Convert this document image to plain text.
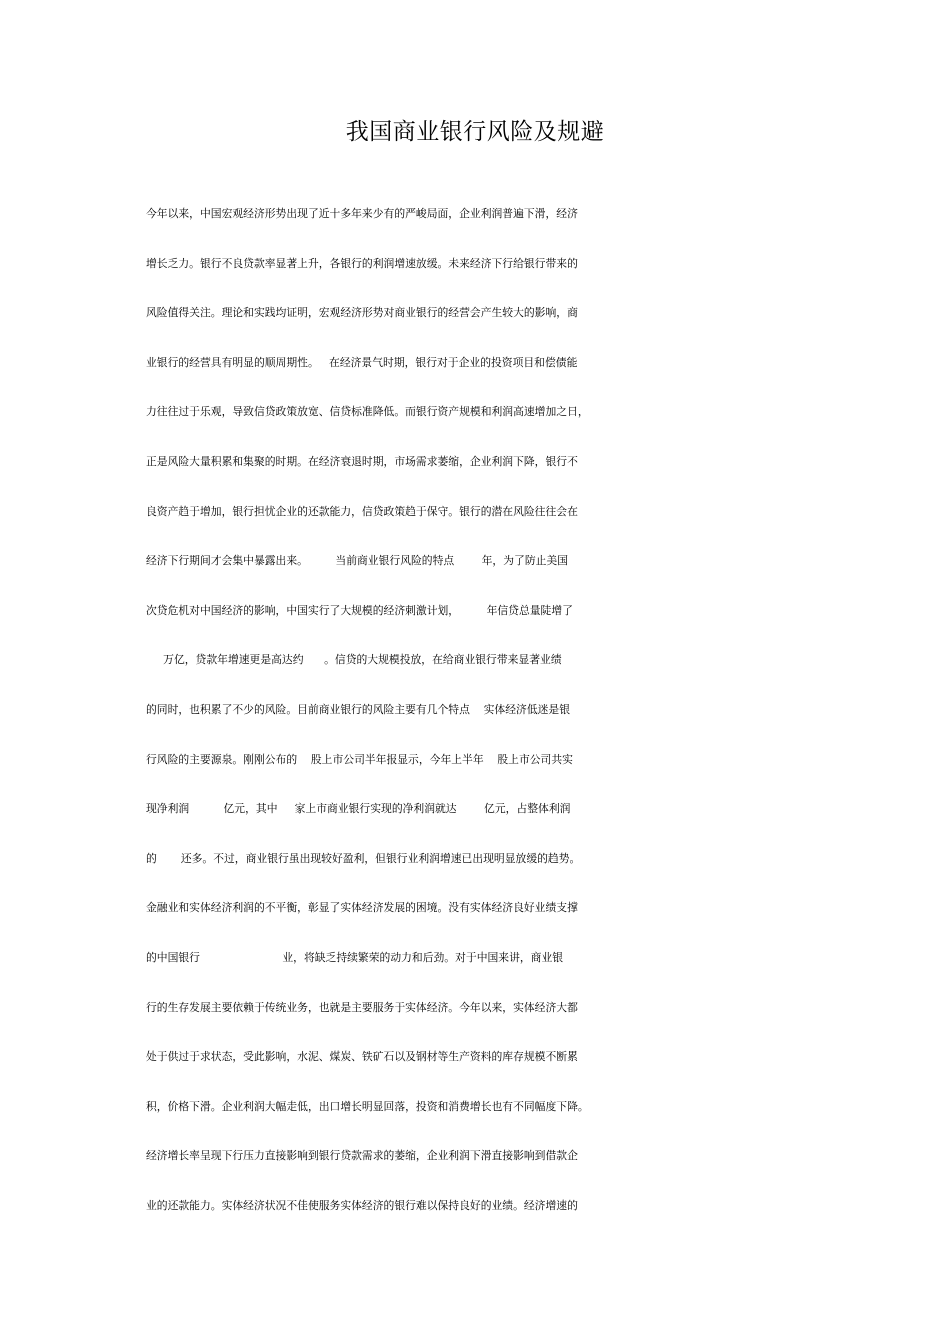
我国商业银行风险及规避
今年以来，中国宏观经济形势出现了近十多年来少有的严峻局面，企业利润普遍下滑，经济
增长乏力。银行不良贷款率显著上升，各银行的利润增速放缓。未来经济下行给银行带来的
风险值得关注。理论和实践均证明，宏观经济形势对商业银行的经营会产生较大的影响，商
业银行的经营具有明显的顺周期性。   在经济景气时期，银行对于企业的投资项目和偿债能
力往往过于乐观，导致信贷政策放宽、信贷标准降低。而银行资产规模和利润高速增加之日，
正是风险大量积累和集聚的时期。在经济衰退时期，市场需求萎缩，企业利润下降，银行不
良资产趋于增加，银行担忧企业的还款能力，信贷政策趋于保守。银行的潜在风险往往会在
经济下行期间才会集中暴露出来。        当前商业银行风险的特点        年，为了防止美国
次贷危机对中国经济的影响，中国实行了大规模的经济刺激计划，        年信贷总量陡增了
万亿，贷款年增速更是高达约      。信贷的大规模投放，在给商业银行带来显著业绩
的同时，也积累了不少的风险。目前商业银行的风险主要有几个特点    实体经济低迷是银
行风险的主要源泉。刚刚公布的    股上市公司半年报显示，今年上半年    股上市公司共实
现净利润          亿元，其中     家上市商业银行实现的净利润就达        亿元，占整体利润
的       还多。不过，商业银行虽出现较好盈利，但银行业利润增速已出现明显放缓的趋势。
金融业和实体经济利润的不平衡，彰显了实体经济发展的困境。没有实体经济良好业绩支撑
的中国银行                        业，将缺乏持续繁荣的动力和后劲。对于中国来讲，商业银
行的生存发展主要依赖于传统业务，也就是主要服务于实体经济。今年以来，实体经济大都
处于供过于求状态，受此影响，水泥、煤炭、铁矿石以及钢材等生产资料的库存规模不断累
积，价格下滑。企业利润大幅走低，出口增长明显回落，投资和消费增长也有不同幅度下降。
经济增长率呈现下行压力直接影响到银行贷款需求的萎缩，企业利润下滑直接影响到借款企
业的还款能力。实体经济状况不佳使服务实体经济的银行难以保持良好的业绩。经济增速的
